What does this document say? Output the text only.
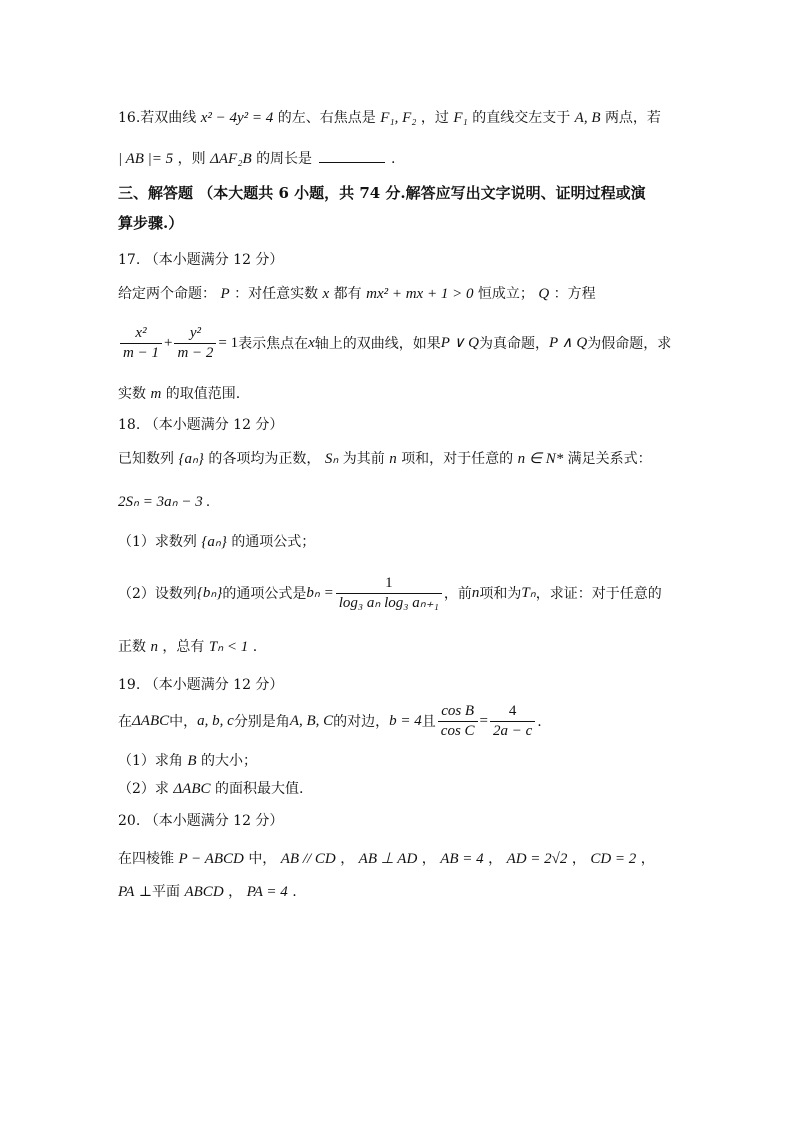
16.若双曲线 x² − 4y² = 4 的左、右焦点是 F₁, F₂ ，过 F₁ 的直线交左支于 A, B 两点，若
| AB |= 5 ，则 ΔAF₂B 的周长是	.
三、解答题 （本大题共 6 小题，共 74 分.解答应写出文字说明、证明过程或演
算步骤.）
17. （本小题满分 12 分）
给定两个命题： P ：对任意实数 x 都有 mx² + mx + 1 > 0 恒成立； Q ：方程
$\frac{\text{x²}}{m - 1} + \frac{\text{y²}}{m - 2} = 1$ 表示焦点在 x 轴上的双曲线，如果 P ∨ Q 为真命题， P ∧ Q 为假命题，求
实数 m 的取值范围.
18. （本小题满分 12 分）
已知数列 {aₙ} 的各项均为正数， Sₙ 为其前 n 项和，对于任意的 n ∈ N* 满足关系式：
2Sₙ = 3aₙ − 3 .
（1）求数列 {aₙ} 的通项公式；
（2）设数列 {bₙ} 的通项公式是 $b_n = \frac{1}{\text{log₃ aₙ log₃ aₙ₊₁}}$ ，前 n 项和为 Tₙ ，求证：对于任意的
正数 n ，总有 Tₙ < 1 .
19. （本小题满分 12 分）
在 ΔABC 中， a, b, c 分别是角 A, B, C 的对边， b = 4 且 $\frac{\text{cos B}}{\text{cos C}} = \frac{4}{2a - c}$ .
（1）求角 B 的大小；
（2）求 ΔABC 的面积最大值.
20. （本小题满分 12 分）
在四棱锥 P − ABCD 中， AB // CD ， AB ⊥ AD ， AB = 4 ， AD = 2√2 ， CD = 2 ，
PA ⊥平面 ABCD ， PA = 4 .
